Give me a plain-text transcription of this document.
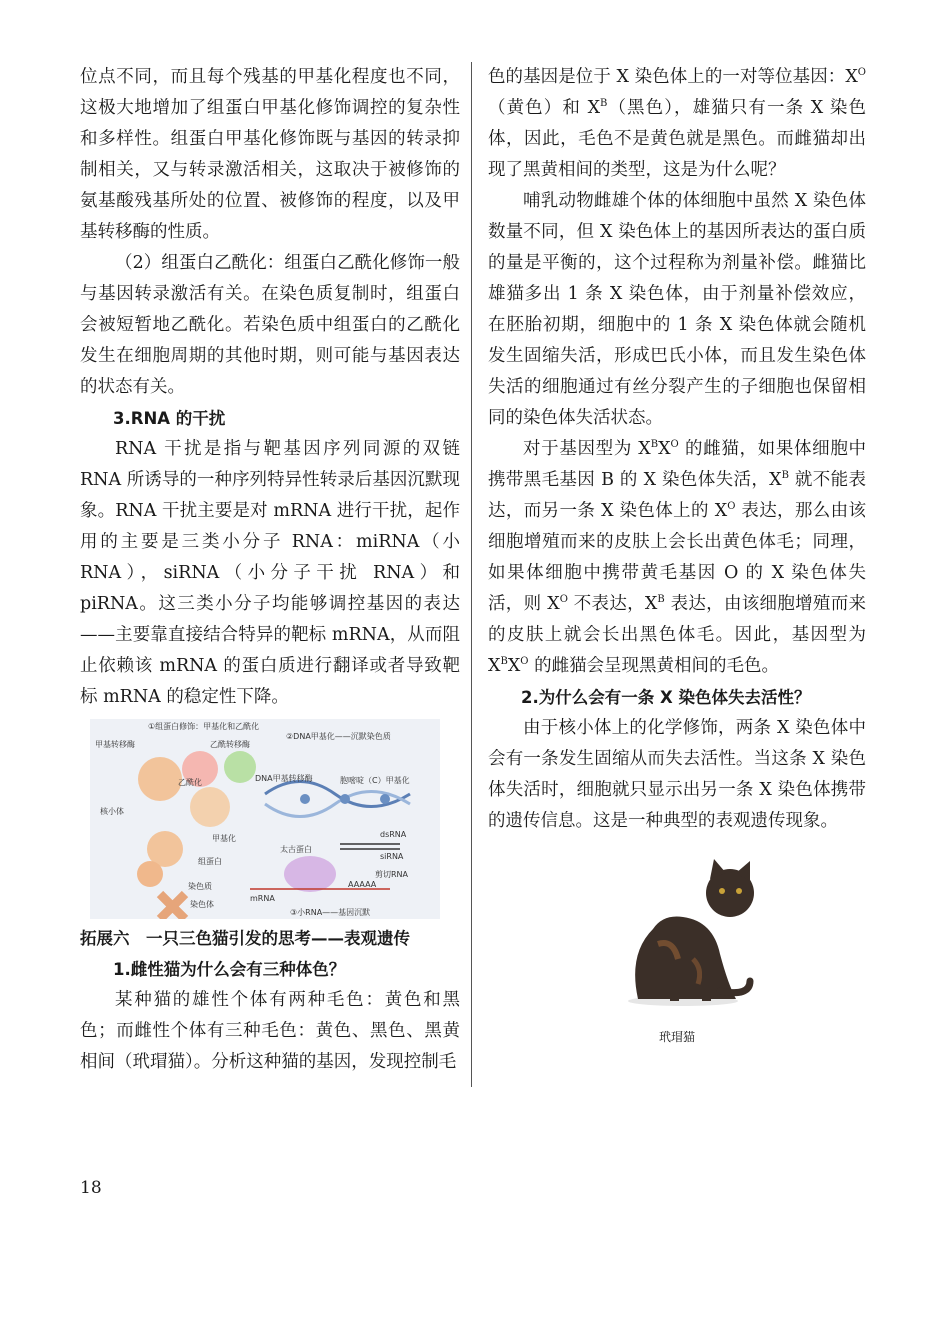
位点不同，而且每个残基的甲基化程度也不同，这极大地增加了组蛋白甲基化修饰调控的复杂性和多样性。组蛋白甲基化修饰既与基因的转录抑制相关，又与转录激活相关，这取决于被修饰的氨基酸残基所处的位置、被修饰的程度，以及甲基转移酶的性质。

（2）组蛋白乙酰化：组蛋白乙酰化修饰一般与基因转录激活有关。在染色质复制时，组蛋白会被短暂地乙酰化。若染色质中组蛋白的乙酰化发生在细胞周期的其他时期，则可能与基因表达的状态有关。

3.RNA 的干扰

RNA 干扰是指与靶基因序列同源的双链 RNA 所诱导的一种序列特异性转录后基因沉默现象。RNA 干扰主要是对 mRNA 进行干扰，起作用的主要是三类小分子 RNA：miRNA（小 RNA），siRNA（小分子干扰 RNA）和 piRNA。这三类小分子均能够调控基因的表达——主要靠直接结合特异的靶标 mRNA，从而阻止依赖该 mRNA 的蛋白质进行翻译或者导致靶标 mRNA 的稳定性下降。

①组蛋白修饰：甲基化和乙酰化
甲基转移酶	乙酰转移酶
乙酰化	DNA甲基转移酶
②DNA甲基化——沉默染色质
核小体
甲基化
胞嘧啶（C）甲基化
组蛋白
dsRNA
siRNA
染色质
太古蛋白
剪切RNA
AAAAA
染色体
mRNA
③小RNA——基因沉默

拓展六　一只三色猫引发的思考——表观遗传

1.雌性猫为什么会有三种体色？

某种猫的雄性个体有两种毛色：黄色和黑色；而雌性个体有三种毛色：黄色、黑色、黑黄相间（玳瑁猫）。分析这种猫的基因，发现控制毛

色的基因是位于 X 染色体上的一对等位基因：$X^O$（黄色）和 $X^B$（黑色），雄猫只有一条 X 染色体，因此，毛色不是黄色就是黑色。而雌猫却出现了黑黄相间的类型，这是为什么呢？

哺乳动物雌雄个体的体细胞中虽然 X 染色体数量不同，但 X 染色体上的基因所表达的蛋白质的量是平衡的，这个过程称为剂量补偿。雌猫比雄猫多出 1 条 X 染色体，由于剂量补偿效应，在胚胎初期，细胞中的 1 条 X 染色体就会随机发生固缩失活，形成巴氏小体，而且发生染色体失活的细胞通过有丝分裂产生的子细胞也保留相同的染色体失活状态。

对于基因型为 $X^BX^O$ 的雌猫，如果体细胞中携带黑毛基因 B 的 X 染色体失活，$X^B$ 就不能表达，而另一条 X 染色体上的 $X^O$ 表达，那么由该细胞增殖而来的皮肤上会长出黄色体毛；同理，如果体细胞中携带黄毛基因 O 的 X 染色体失活，则 $X^O$ 不表达，$X^B$ 表达，由该细胞增殖而来的皮肤上就会长出黑色体毛。因此，基因型为 $X^BX^O$ 的雌猫会呈现黑黄相间的毛色。

2.为什么会有一条 X 染色体失去活性？

由于核小体上的化学修饰，两条 X 染色体中会有一条发生固缩从而失去活性。当这条 X 染色体失活时，细胞就只显示出另一条 X 染色体携带的遗传信息。这是一种典型的表观遗传现象。

玳瑁猫
18
